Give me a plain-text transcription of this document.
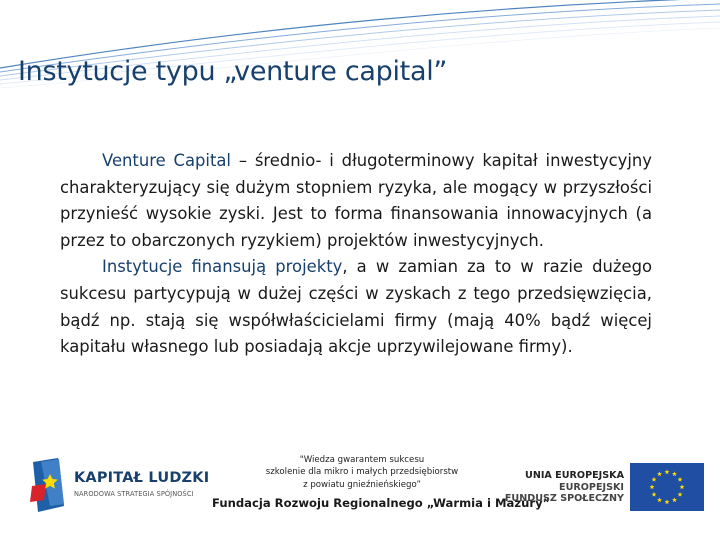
Instytucje typu „venture capital”

Venture Capital – średnio- i długoterminowy kapitał inwestycyjny charakteryzujący się dużym stopniem ryzyka, ale mogący w przyszłości przynieść wysokie zyski. Jest to forma finansowania innowacyjnych (a przez to obarczonych ryzykiem) projektów inwestycyjnych.

Instytucje finansują projekty, a w zamian za to w razie dużego sukcesu partycypują w dużej części w zyskach z tego przedsięwzięcia, bądź np. stają się współwłaścicielami firmy (mają 40% bądź więcej kapitału własnego lub posiadają akcje uprzywilejowane firmy).

KAPITAŁ LUDZKI
NARODOWA STRATEGIA SPÓJNOŚCI
"Wiedza gwarantem sukcesu
szkolenie dla mikro i małych przedsiębiorstw
z powiatu gnieźnieńskiego”
Fundacja Rozwoju Regionalnego „Warmia i Mazury”
UNIA EUROPEJSKA
EUROPEJSKI
FUNDUSZ SPOŁECZNY
